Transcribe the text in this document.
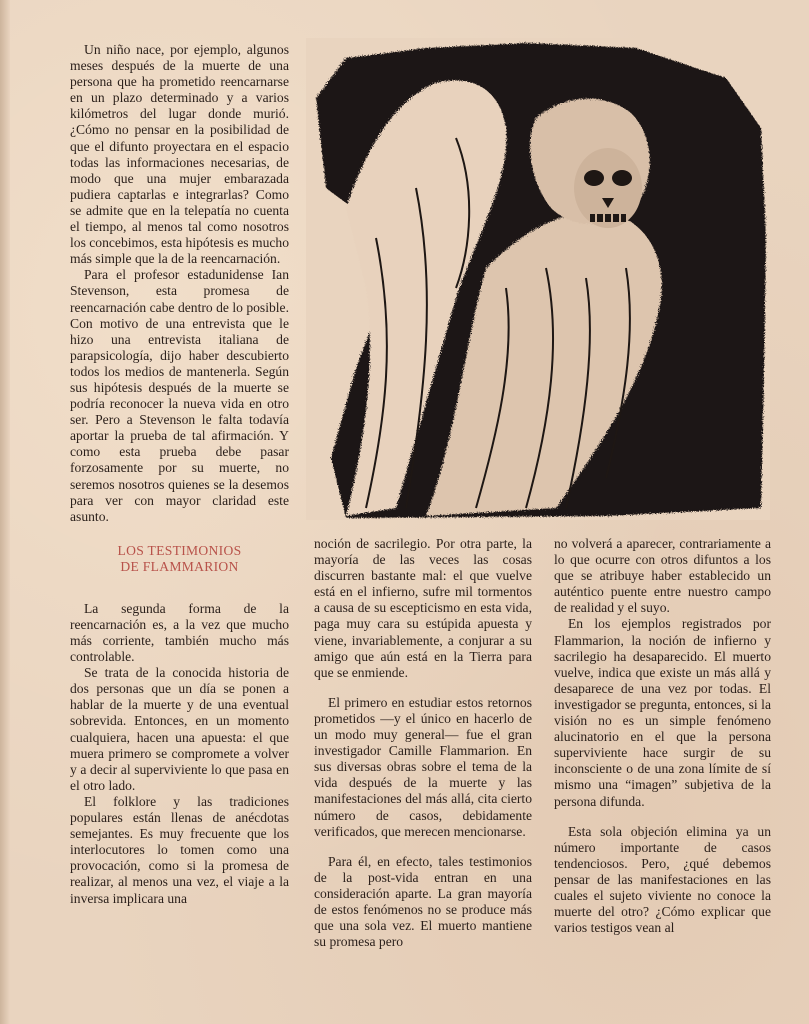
Un niño nace, por ejemplo, algunos meses después de la muerte de una persona que ha prometido reencarnarse en un plazo determinado y a varios kilómetros del lugar donde murió. ¿Cómo no pensar en la posibilidad de que el difunto proyectara en el espacio todas las informaciones necesarias, de modo que una mujer embarazada pudiera captarlas e integrarlas? Como se admite que en la telepatía no cuenta el tiempo, al menos tal como nosotros los concebimos, esta hipótesis es mucho más simple que la de la reencarnación.

Para el profesor estadunidense Ian Stevenson, esta promesa de reencarnación cabe dentro de lo posible. Con motivo de una entrevista que le hizo una entrevista italiana de parapsicología, dijo haber descubierto todos los medios de mantenerla. Según sus hipótesis después de la muerte se podría reconocer la nueva vida en otro ser. Pero a Stevenson le falta todavía aportar la prueba de tal afirmación. Y como esta prueba debe pasar forzosamente por su muerte, no seremos nosotros quienes se la desemos para ver con mayor claridad este asunto.

LOS TESTIMONIOS
DE FLAMMARION

La segunda forma de la reencarnación es, a la vez que mucho más corriente, también mucho más controlable.

Se trata de la conocida historia de dos personas que un día se ponen a hablar de la muerte y de una eventual sobrevida. Entonces, en un momento cualquiera, hacen una apuesta: el que muera primero se compromete a volver y a decir al superviviente lo que pasa en el otro lado.

El folklore y las tradiciones populares están llenas de anécdotas semejantes. Es muy frecuente que los interlocutores lo tomen como una provocación, como si la promesa de realizar, al menos una vez, el viaje a la inversa implicara una

noción de sacrilegio. Por otra parte, la mayoría de las veces las cosas discurren bastante mal: el que vuelve está en el infierno, sufre mil tormentos a causa de su escepticismo en esta vida, paga muy cara su estúpida apuesta y viene, invariablemente, a conjurar a su amigo que aún está en la Tierra para que se enmiende.

El primero en estudiar estos retornos prometidos —y el único en hacerlo de un modo muy general— fue el gran investigador Camille Flammarion. En sus diversas obras sobre el tema de la vida después de la muerte y las manifestaciones del más allá, cita cierto número de casos, debidamente verificados, que merecen mencionarse.

Para él, en efecto, tales testimonios de la post-vida entran en una consideración aparte. La gran mayoría de estos fenómenos no se produce más que una sola vez. El muerto mantiene su promesa pero

no volverá a aparecer, contrariamente a lo que ocurre con otros difuntos a los que se atribuye haber establecido un auténtico puente entre nuestro campo de realidad y el suyo.

En los ejemplos registrados por Flammarion, la noción de infierno y sacrilegio ha desaparecido. El muerto vuelve, indica que existe un más allá y desaparece de una vez por todas. El investigador se pregunta, entonces, si la visión no es un simple fenómeno alucinatorio en el que la persona superviviente hace surgir de su inconsciente o de una zona límite de sí mismo una “imagen” subjetiva de la persona difunda.

Esta sola objeción elimina ya un número importante de casos tendenciosos. Pero, ¿qué debemos pensar de las manifestaciones en las cuales el sujeto viviente no conoce la muerte del otro? ¿Cómo explicar que varios testigos vean al
